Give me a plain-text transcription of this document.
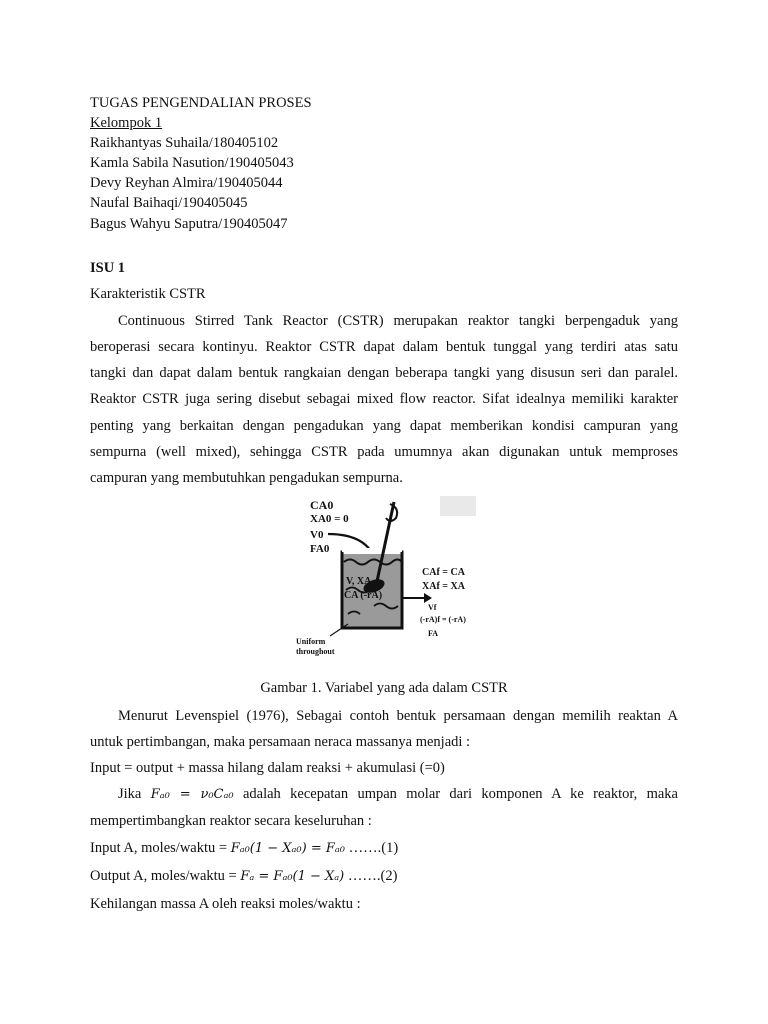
TUGAS PENGENDALIAN PROSES
Kelompok 1
Raikhantyas Suhaila/180405102
Kamla Sabila Nasution/190405043
Devy Reyhan Almira/190405044
Naufal Baihaqi/190405045
Bagus Wahyu Saputra/190405047
ISU 1
Karakteristik CSTR
Continuous Stirred Tank Reactor (CSTR) merupakan reaktor tangki berpengaduk yang
beroperasi secara kontinyu. Reaktor CSTR dapat dalam bentuk tunggal yang terdiri atas satu
tangki dan dapat dalam bentuk rangkaian dengan beberapa tangki yang disusun seri dan paralel.
Reaktor CSTR juga sering disebut sebagai mixed flow reactor. Sifat idealnya memiliki karakter
penting yang berkaitan dengan pengadukan yang dapat memberikan kondisi campuran yang
sempurna (well mixed), sehingga CSTR pada umumnya akan digunakan untuk memproses
campuran yang membutuhkan pengadukan sempurna.
CA0
XA0 = 0
V0
FA0
V, XA
CA (-rA)
CAf = CA
XAf = XA
Vf
(-rA)f = (-rA)
FA
Uniform
throughout
Gambar 1. Variabel yang ada dalam CSTR
Menurut Levenspiel (1976), Sebagai contoh bentuk persamaan dengan memilih reaktan A
untuk pertimbangan, maka persamaan neraca massanya menjadi :
Input = output + massa hilang dalam reaksi + akumulasi (=0)
Jika Fₐ₀ = ν₀Cₐ₀ adalah kecepatan umpan molar dari komponen A ke reaktor, maka
mempertimbangkan reaktor secara keseluruhan :
Input A, moles/waktu = Fₐ₀(1 − Xₐ₀) = Fₐ₀ …….(1)
Output A, moles/waktu = Fₐ = Fₐ₀(1 − Xₐ) …….(2)
Kehilangan massa A oleh reaksi moles/waktu :
